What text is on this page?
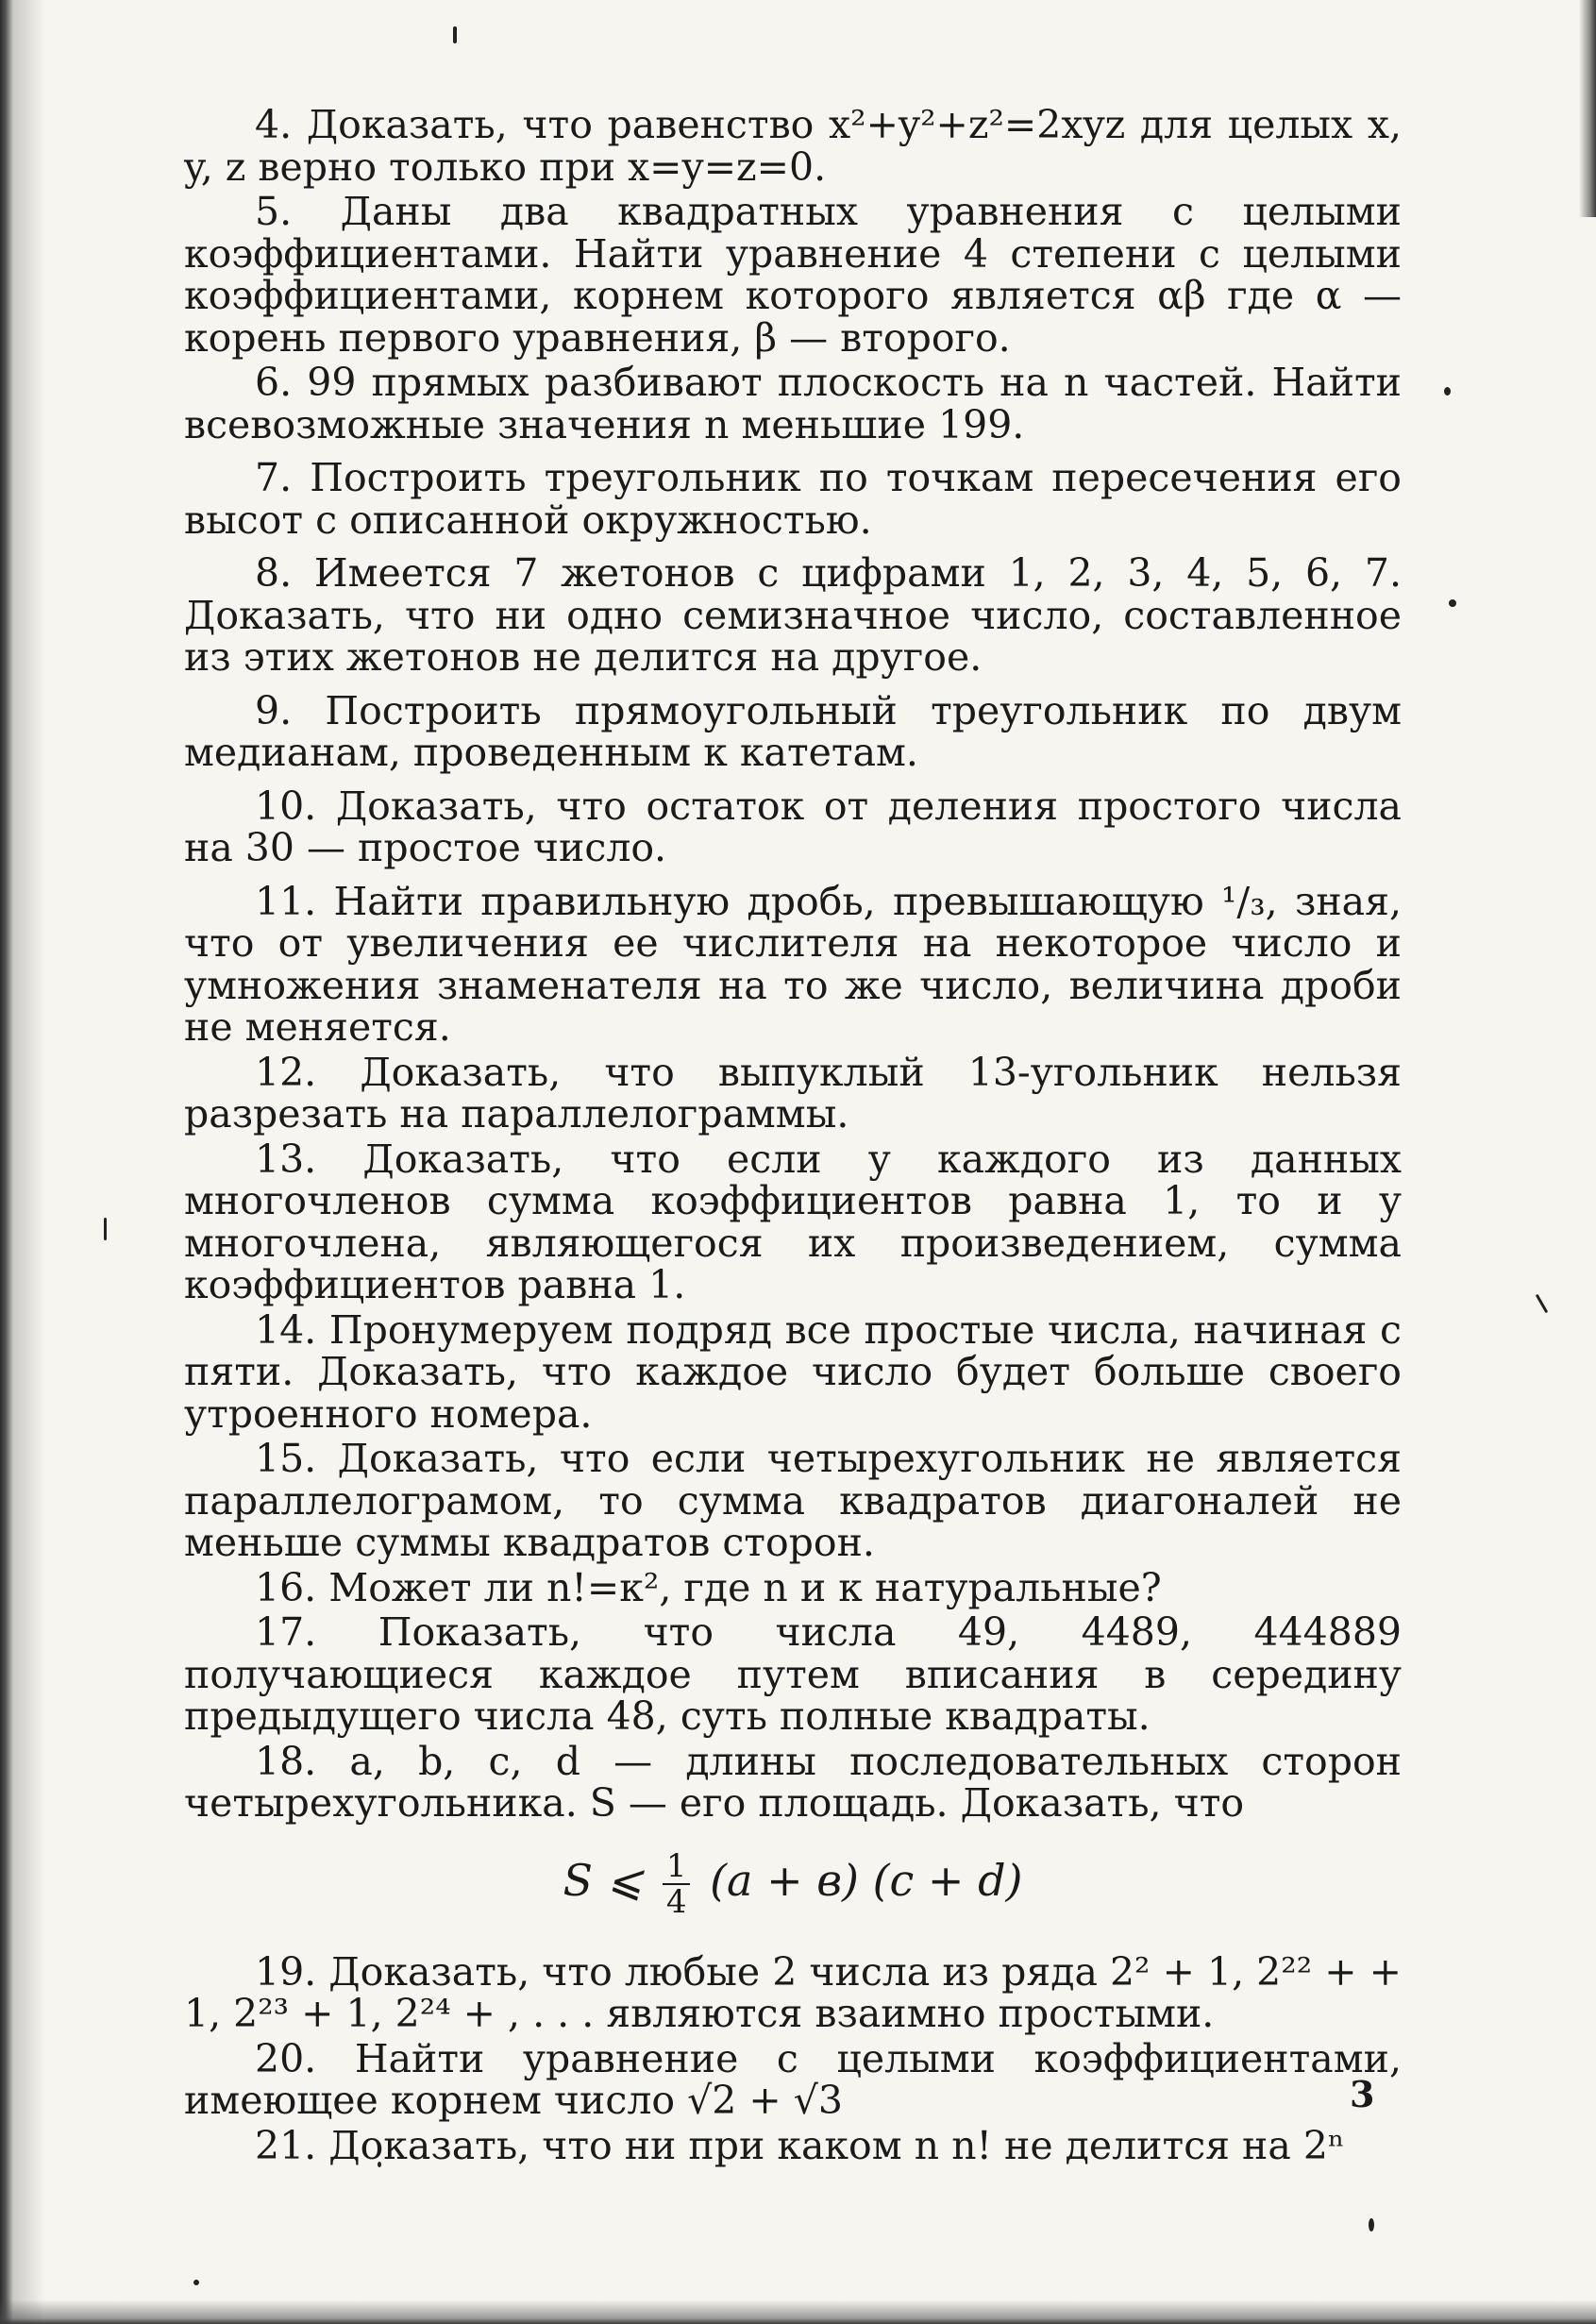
4. Доказать, что равенство x²+y²+z²=2xyz для целых x, y, z верно только при x=y=z=0.

5. Даны два квадратных уравнения с целыми коэффициентами. Найти уравнение 4 степени с целыми коэффициентами, корнем которого является αβ где α — корень первого уравнения, β — второго.

6. 99 прямых разбивают плоскость на n частей. Найти всевозможные значения n меньшие 199.

7. Построить треугольник по точкам пересечения его высот с описанной окружностью.

8. Имеется 7 жетонов с цифрами 1, 2, 3, 4, 5, 6, 7. Доказать, что ни одно семизначное число, составленное из этих жетонов не делится на другое.

9. Построить прямоугольный треугольник по двум медианам, проведенным к катетам.

10. Доказать, что остаток от деления простого числа на 30 — простое число.

11. Найти правильную дробь, превышающую ¹/₃, зная, что от увеличения ее числителя на некоторое число и умножения знаменателя на то же число, величина дроби не меняется.

12. Доказать, что выпуклый 13-угольник нельзя разрезать на параллелограммы.

13. Доказать, что если у каждого из данных многочленов сумма коэффициентов равна 1, то и у многочлена, являющегося их произведением, сумма коэффициентов равна 1.

14. Пронумеруем подряд все простые числа, начиная с пяти. Доказать, что каждое число будет больше своего утроенного номера.

15. Доказать, что если четырехугольник не является параллелограмом, то сумма квадратов диагоналей не меньше суммы квадратов сторон.

16. Может ли n!=к², где n и к натуральные?

17. Показать, что числа 49, 4489, 444889 получающиеся каждое путем вписания в середину предыдущего числа 48, суть полные квадраты.

18. a, b, c, d — длины последовательных сторон четырехугольника. S — его площадь. Доказать, что

S ⩽ $\frac{1}{4} (a + в) (c + d)$

19. Доказать, что любые 2 числа из ряда 2² + 1, 2²² + + 1, 2²³ + 1, 2²⁴ + , . . . являются взаимно простыми.

20. Найти уравнение с целыми коэффициентами, имеющее корнем число √2 + √3

21. Доказать, что ни при каком n n! не делится на 2ⁿ

3
